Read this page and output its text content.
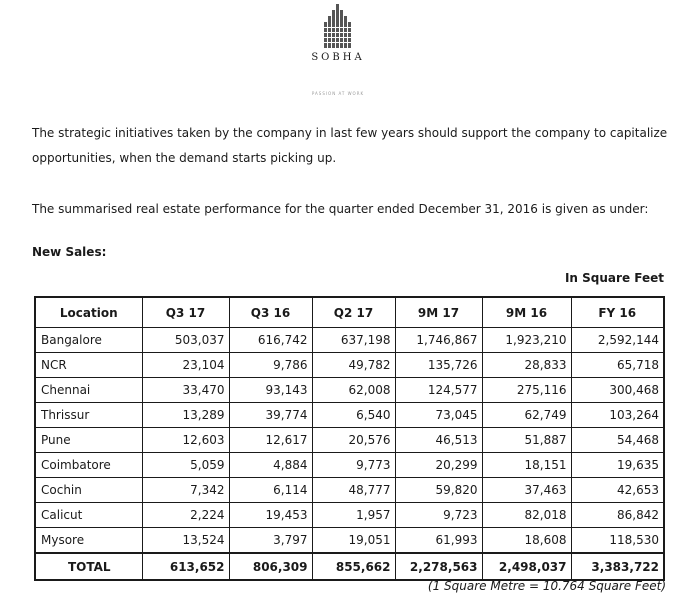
SOBHA
PASSION AT WORK
The strategic initiatives taken by the company in last few years should support the company to capitalize opportunities, when the demand starts picking up.
The summarised real estate performance for the quarter ended December 31, 2016 is given as under:
New Sales:
In Square Feet
Location	Q3 17	Q3 16	Q2 17	9M 17	9M 16	FY 16
Bangalore	503,037	616,742	637,198	1,746,867	1,923,210	2,592,144
NCR	23,104	9,786	49,782	135,726	28,833	65,718
Chennai	33,470	93,143	62,008	124,577	275,116	300,468
Thrissur	13,289	39,774	6,540	73,045	62,749	103,264
Pune	12,603	12,617	20,576	46,513	51,887	54,468
Coimbatore	5,059	4,884	9,773	20,299	18,151	19,635
Cochin	7,342	6,114	48,777	59,820	37,463	42,653
Calicut	2,224	19,453	1,957	9,723	82,018	86,842
Mysore	13,524	3,797	19,051	61,993	18,608	118,530
TOTAL	613,652	806,309	855,662	2,278,563	2,498,037	3,383,722
(1 Square Metre = 10.764 Square Feet)
